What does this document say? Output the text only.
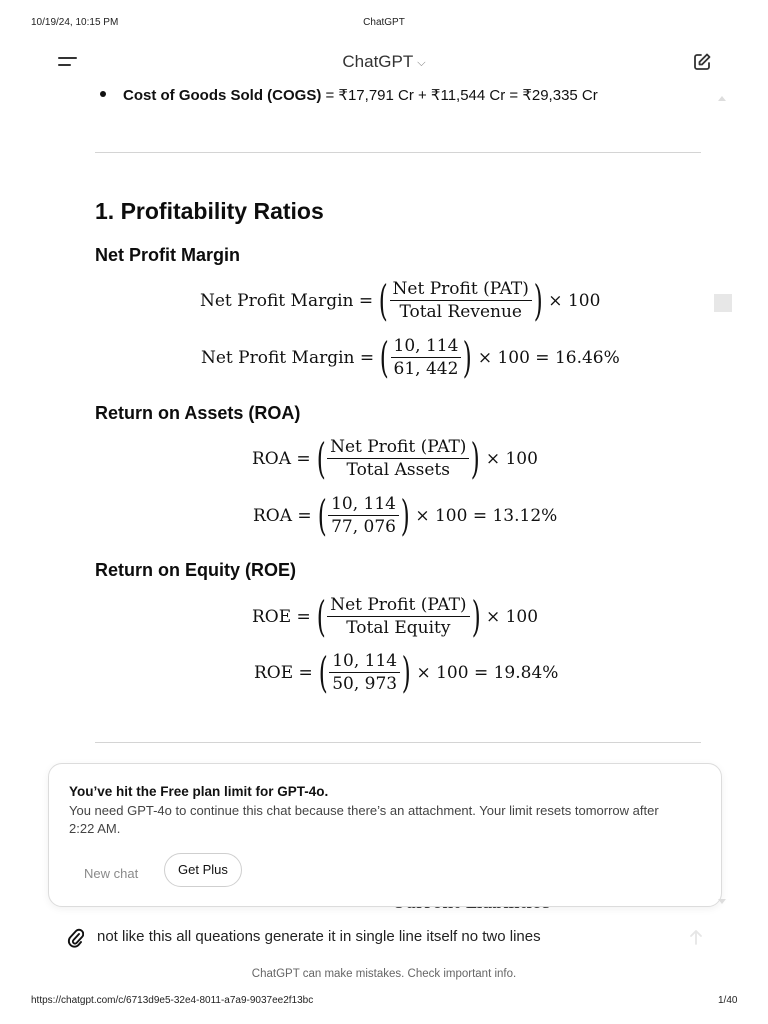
10/19/24, 10:15 PM	ChatGPT
ChatGPT ⌵
Cost of Goods Sold (COGS) = ₹17,791 Cr + ₹11,544 Cr = ₹29,335 Cr
1. Profitability Ratios
Net Profit Margin
Net Profit Margin = ( $\frac{\text{Net Profit (PAT)}}{\text{Total Revenue}}$ ) × 100
Net Profit Margin = ( $\frac{10, 114}{61, 442}$ ) × 100 = 16.46%
Return on Assets (ROA)
ROA = ( $\frac{\text{Net Profit (PAT)}}{\text{Total Assets}}$ ) × 100
ROA = ( $\frac{10, 114}{77, 076}$ ) × 100 = 13.12%
Return on Equity (ROE)
ROE = ( $\frac{\text{Net Profit (PAT)}}{\text{Total Equity}}$ ) × 100
ROE = ( $\frac{10, 114}{50, 973}$ ) × 100 = 19.84%
You’ve hit the Free plan limit for GPT-4o.
You need GPT-4o to continue this chat because there’s an attachment. Your limit resets tomorrow after 2:22 AM.
New chat	Get Plus
not like this all queations generate it in single line itself no two lines
ChatGPT can make mistakes. Check important info.
https://chatgpt.com/c/6713d9e5-32e4-8011-a7a9-9037ee2f13bc	1/40
